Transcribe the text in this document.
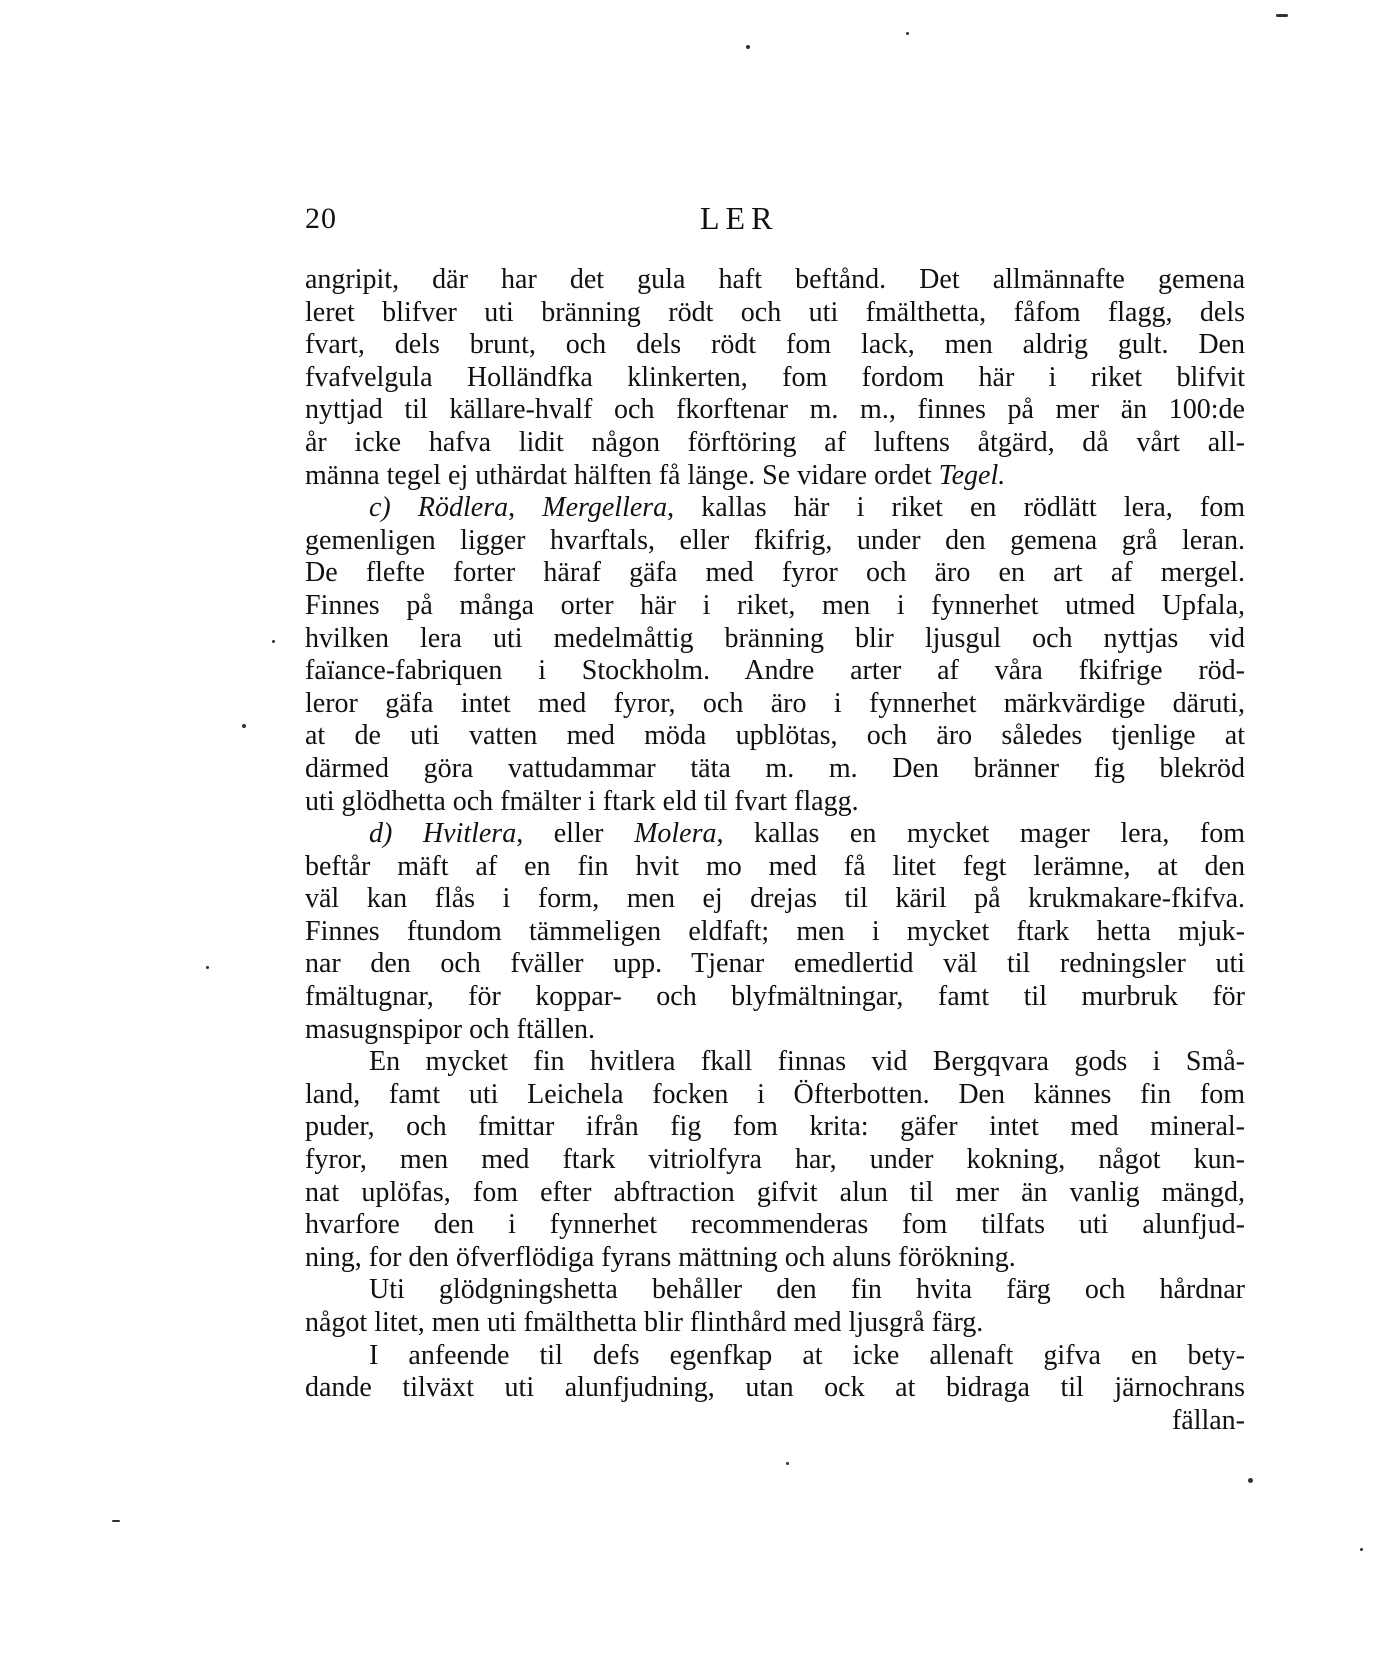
20	LER
angripit, där har det gula haft beftånd. Det allmännafte gemena
leret blifver uti bränning rödt och uti fmälthetta, fåfom flagg, dels
fvart, dels brunt, och dels rödt fom lack, men aldrig gult. Den
fvafvelgula Holländfka klinkerten, fom fordom här i riket blifvit
nyttjad til källare-hvalf och fkorftenar m. m., finnes på mer än 100:de
år icke hafva lidit någon förftöring af luftens åtgärd, då vårt all-
männa tegel ej uthärdat hälften få länge. Se vidare ordet Tegel.
c) Rödlera, Mergellera, kallas här i riket en rödlätt lera, fom
gemenligen ligger hvarftals, eller fkifrig, under den gemena grå leran.
De flefte forter häraf gäfa med fyror och äro en art af mergel.
Finnes på många orter här i riket, men i fynnerhet utmed Upfala,
hvilken lera uti medelmåttig bränning blir ljusgul och nyttjas vid
faïance-fabriquen i Stockholm. Andre arter af våra fkifrige röd-
leror gäfa intet med fyror, och äro i fynnerhet märkvärdige däruti,
at de uti vatten med möda upblötas, och äro således tjenlige at
därmed göra vattudammar täta m. m. Den bränner fig blekröd
uti glödhetta och fmälter i ftark eld til fvart flagg.
d) Hvitlera, eller Molera, kallas en mycket mager lera, fom
beftår mäft af en fin hvit mo med få litet fegt lerämne, at den
väl kan flås i form, men ej drejas til käril på krukmakare-fkifva.
Finnes ftundom tämmeligen eldfaft; men i mycket ftark hetta mjuk-
nar den och fväller upp. Tjenar emedlertid väl til redningsler uti
fmältugnar, för koppar- och blyfmältningar, famt til murbruk för
masugnspipor och ftällen.
En mycket fin hvitlera fkall finnas vid Bergqvara gods i Små-
land, famt uti Leichela focken i Öfterbotten. Den kännes fin fom
puder, och fmittar ifrån fig fom krita: gäfer intet med mineral-
fyror, men med ftark vitriolfyra har, under kokning, något kun-
nat uplöfas, fom efter abftraction gifvit alun til mer än vanlig mängd,
hvarfore den i fynnerhet recommenderas fom tilfats uti alunfjud-
ning, for den öfverflödiga fyrans mättning och aluns förökning.
Uti glödgningshetta behåller den fin hvita färg och hårdnar
något litet, men uti fmälthetta blir flinthård med ljusgrå färg.
I anfeende til defs egenfkap at icke allenaft gifva en bety-
dande tilväxt uti alunfjudning, utan ock at bidraga til järnochrans
fällan-
